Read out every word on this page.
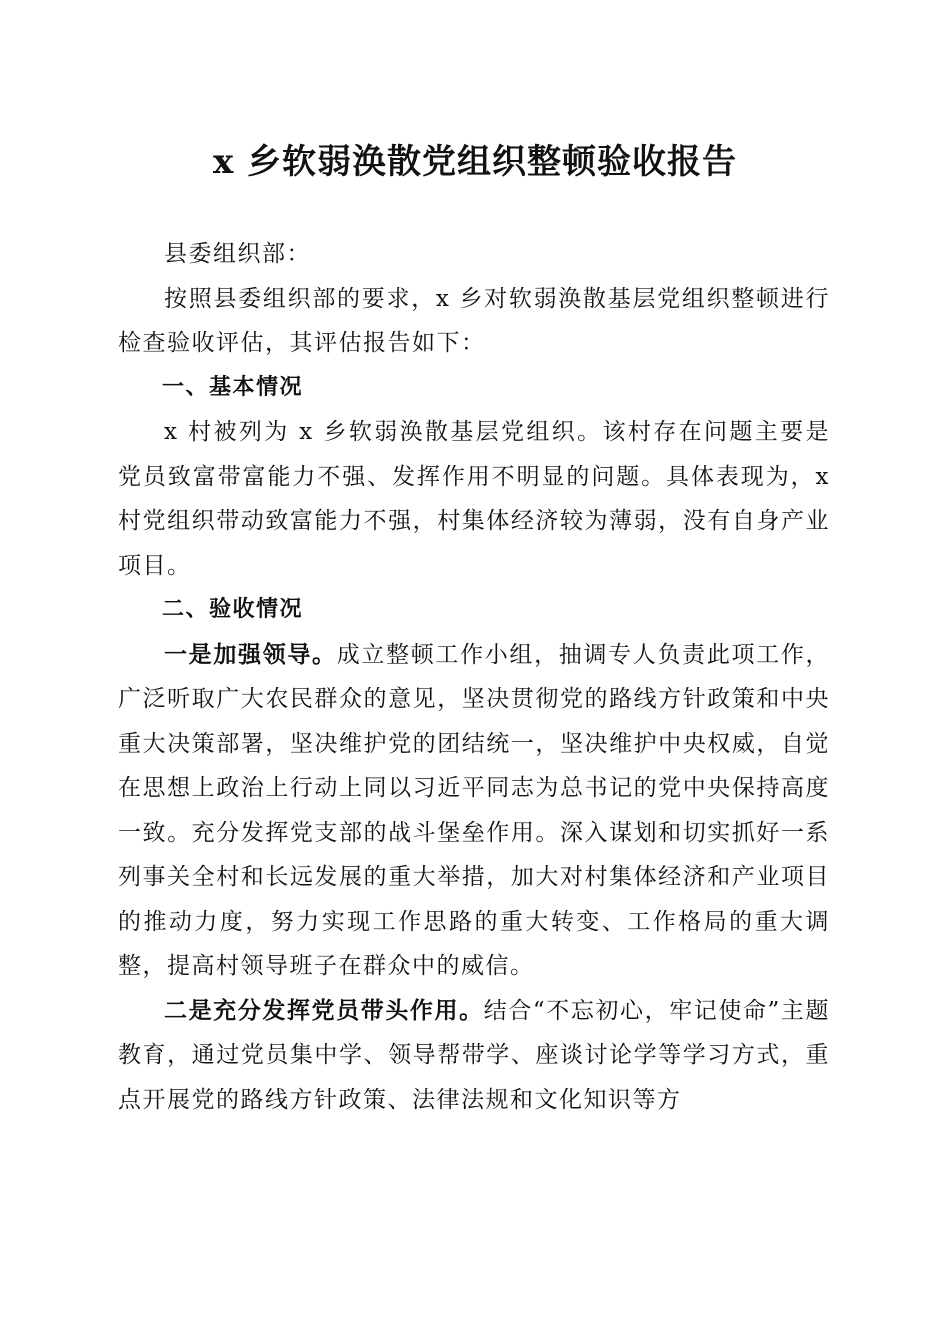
x 乡软弱涣散党组织整顿验收报告

县委组织部：

按照县委组织部的要求，x 乡对软弱涣散基层党组织整顿进行检查验收评估，其评估报告如下：

一、基本情况

x 村被列为 x 乡软弱涣散基层党组织。该村存在问题主要是党员致富带富能力不强、发挥作用不明显的问题。具体表现为，x 村党组织带动致富能力不强，村集体经济较为薄弱，没有自身产业项目。

二、验收情况

一是加强领导。成立整顿工作小组，抽调专人负责此项工作，广泛听取广大农民群众的意见，坚决贯彻党的路线方针政策和中央重大决策部署，坚决维护党的团结统一，坚决维护中央权威，自觉在思想上政治上行动上同以习近平同志为总书记的党中央保持高度一致。充分发挥党支部的战斗堡垒作用。深入谋划和切实抓好一系列事关全村和长远发展的重大举措，加大对村集体经济和产业项目的推动力度，努力实现工作思路的重大转变、工作格局的重大调整，提高村领导班子在群众中的威信。

二是充分发挥党员带头作用。结合“不忘初心，牢记使命”主题教育，通过党员集中学、领导帮带学、座谈讨论学等学习方式，重点开展党的路线方针政策、法律法规和文化知识等方
